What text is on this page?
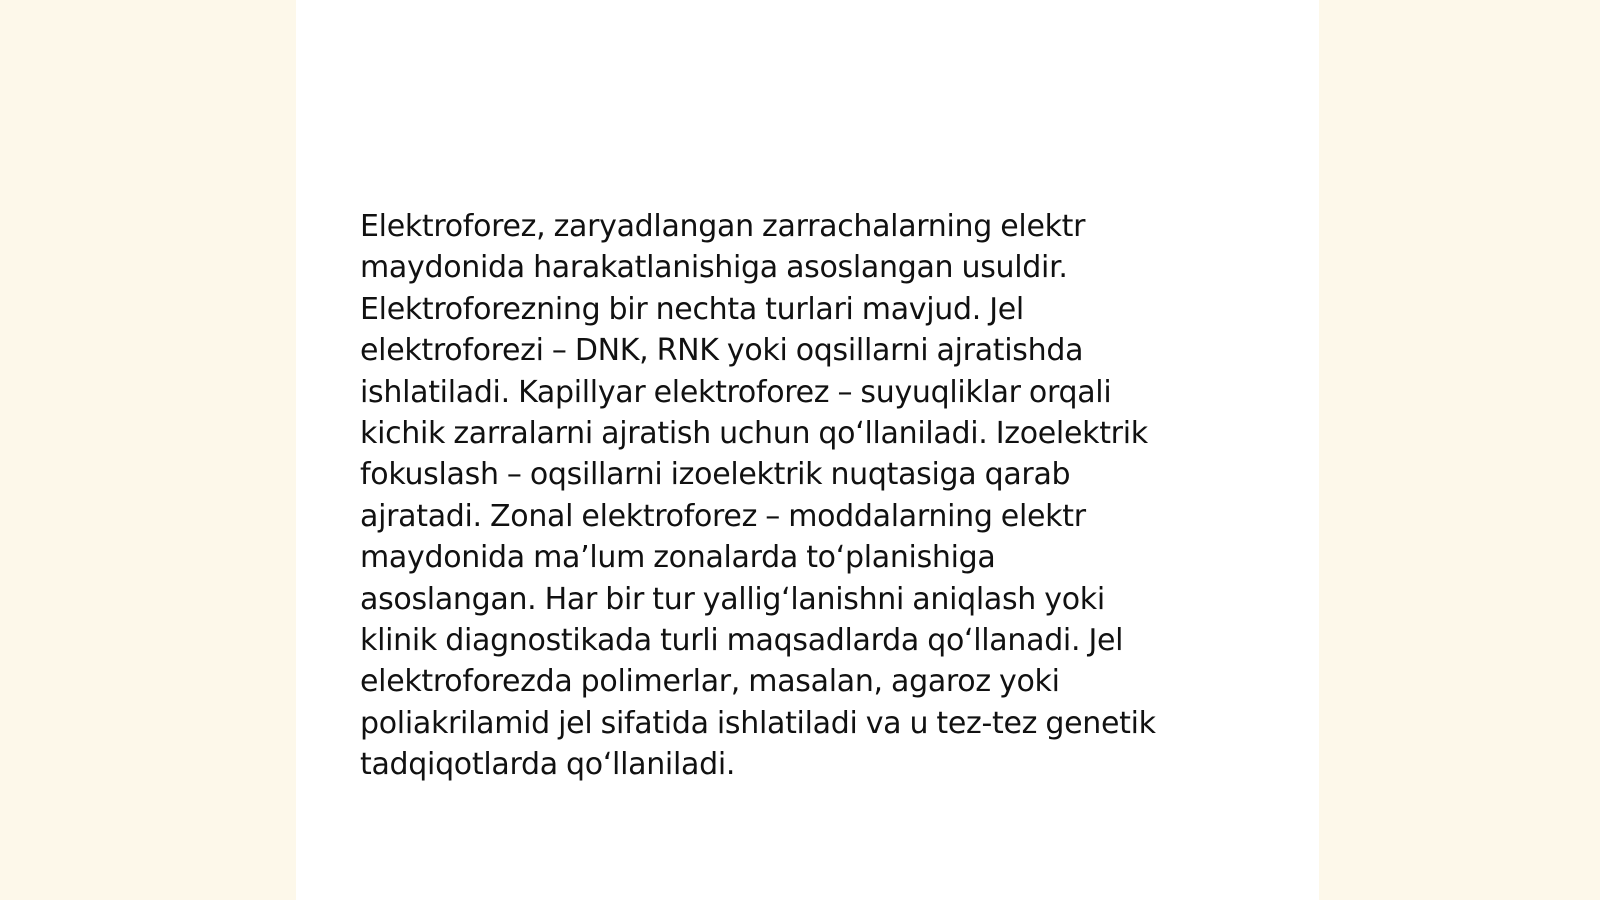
Elektroforez, zaryadlangan zarrachalarning elektr
maydonida harakatlanishiga asoslangan usuldir.
Elektroforezning bir nechta turlari mavjud. Jel
elektroforezi – DNK, RNK yoki oqsillarni ajratishda
ishlatiladi. Kapillyar elektroforez – suyuqliklar orqali
kichik zarralarni ajratish uchun qoʻllaniladi. Izoelektrik
fokuslash – oqsillarni izoelektrik nuqtasiga qarab
ajratadi. Zonal elektroforez – moddalarning elektr
maydonida maʼlum zonalarda toʻplanishiga
asoslangan. Har bir tur yalligʻlanishni aniqlash yoki
klinik diagnostikada turli maqsadlarda qoʻllanadi. Jel
elektroforezda polimerlar, masalan, agaroz yoki
poliakrilamid jel sifatida ishlatiladi va u tez-tez genetik
tadqiqotlarda qoʻllaniladi.
